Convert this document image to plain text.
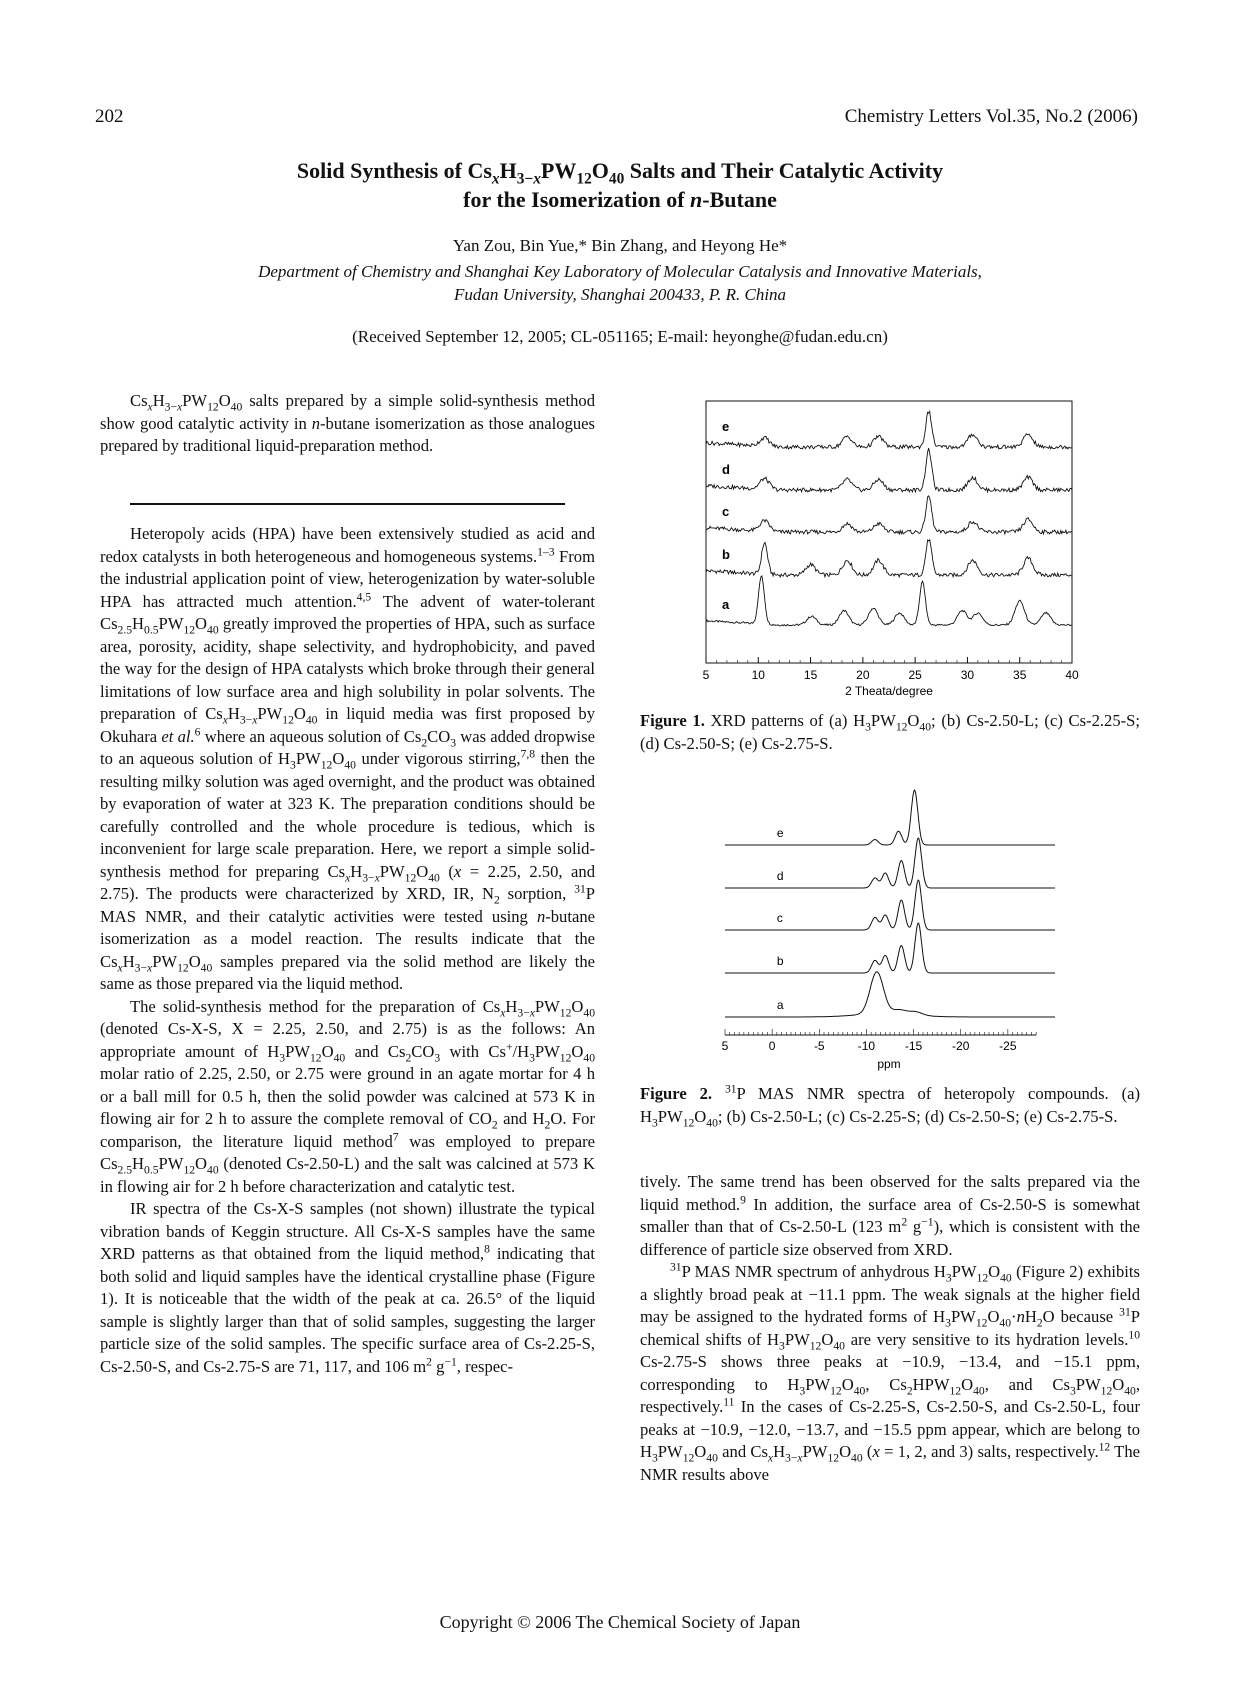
202	Chemistry Letters Vol.35, No.2 (2006)
Solid Synthesis of $Cs_xH_{3-x}PW_{12}O_{40}$ Salts and Their Catalytic Activity
for the Isomerization of n-Butane
Yan Zou, Bin Yue,* Bin Zhang, and Heyong He*
Department of Chemistry and Shanghai Key Laboratory of Molecular Catalysis and Innovative Materials,
Fudan University, Shanghai 200433, P. R. China
(Received September 12, 2005; CL-051165; E-mail: heyonghe@fudan.edu.cn)

$Cs_xH_{3-x}PW_{12}O_{40}$ salts prepared by a simple solid-synthesis method show good catalytic activity in n-butane isomerization as those analogues prepared by traditional liquid-preparation method.

Heteropoly acids (HPA) have been extensively studied as acid and redox catalysts in both heterogeneous and homogeneous systems.$^{1-3}$ From the industrial application point of view, heterogenization by water-soluble HPA has attracted much attention.$^{4,5}$ The advent of water-tolerant $Cs_{2.5}H_{0.5}PW_{12}O_{40}$ greatly improved the properties of HPA, such as surface area, porosity, acidity, shape selectivity, and hydrophobicity, and paved the way for the design of HPA catalysts which broke through their general limitations of low surface area and high solubility in polar solvents. The preparation of $Cs_xH_{3-x}PW_{12}O_{40}$ in liquid media was first proposed by Okuhara et al.$^6$ where an aqueous solution of $Cs_2CO_3$ was added dropwise to an aqueous solution of $H_3PW_{12}O_{40}$ under vigorous stirring,$^{7,8}$ then the resulting milky solution was aged overnight, and the product was obtained by evaporation of water at 323 K. The preparation conditions should be carefully controlled and the whole procedure is tedious, which is inconvenient for large scale preparation. Here, we report a simple solid-synthesis method for preparing $Cs_xH_{3-x}PW_{12}O_{40}$ (x = 2.25, 2.50, and 2.75). The products were characterized by XRD, IR, $N_2$ sorption, $^{31}$P MAS NMR, and their catalytic activities were tested using n-butane isomerization as a model reaction. The results indicate that the $Cs_xH_{3-x}PW_{12}O_{40}$ samples prepared via the solid method are likely the same as those prepared via the liquid method.

The solid-synthesis method for the preparation of $Cs_xH_{3-x}PW_{12}O_{40}$ (denoted Cs-X-S, X = 2.25, 2.50, and 2.75) is as the follows: An appropriate amount of $H_3PW_{12}O_{40}$ and $Cs_2CO_3$ with $Cs^+/H_3PW_{12}O_{40}$ molar ratio of 2.25, 2.50, or 2.75 were ground in an agate mortar for 4 h or a ball mill for 0.5 h, then the solid powder was calcined at 573 K in flowing air for 2 h to assure the complete removal of $CO_2$ and $H_2O$. For comparison, the literature liquid method$^7$ was employed to prepare $Cs_{2.5}H_{0.5}PW_{12}O_{40}$ (denoted Cs-2.50-L) and the salt was calcined at 573 K in flowing air for 2 h before characterization and catalytic test.

IR spectra of the Cs-X-S samples (not shown) illustrate the typical vibration bands of Keggin structure. All Cs-X-S samples have the same XRD patterns as that obtained from the liquid method,$^8$ indicating that both solid and liquid samples have the identical crystalline phase (Figure 1). It is noticeable that the width of the peak at ca. 26.5° of the liquid sample is slightly larger than that of solid samples, suggesting the larger particle size of the solid samples. The specific surface area of Cs-2.25-S, Cs-2.50-S, and Cs-2.75-S are 71, 117, and 106 $m^2$ $g^{-1}$, respec-

a
b
c
d
e
5	10	15	20	25	30	35	40
2 Theata/degree
Figure 1. XRD patterns of (a) $H_3PW_{12}O_{40}$; (b) Cs-2.50-L; (c) Cs-2.25-S; (d) Cs-2.50-S; (e) Cs-2.75-S.
a
b
c
d
e
5	0	-5	-10 -15 -20 -25
ppm
Figure 2. $^{31}$P MAS NMR spectra of heteropoly compounds. (a) $H_3PW_{12}O_{40}$; (b) Cs-2.50-L; (c) Cs-2.25-S; (d) Cs-2.50-S; (e) Cs-2.75-S.

tively. The same trend has been observed for the salts prepared via the liquid method.$^9$ In addition, the surface area of Cs-2.50-S is somewhat smaller than that of Cs-2.50-L (123 $m^2$ $g^{-1}$), which is consistent with the difference of particle size observed from XRD.

$^{31}$P MAS NMR spectrum of anhydrous $H_3PW_{12}O_{40}$ (Figure 2) exhibits a slightly broad peak at −11.1 ppm. The weak signals at the higher field may be assigned to the hydrated forms of $H_3PW_{12}O_{40}\cdot nH_2O$ because $^{31}$P chemical shifts of $H_3PW_{12}O_{40}$ are very sensitive to its hydration levels.$^{10}$ Cs-2.75-S shows three peaks at −10.9, −13.4, and −15.1 ppm, corresponding to $H_3PW_{12}O_{40}$, $Cs_2HPW_{12}O_{40}$, and $Cs_3PW_{12}O_{40}$, respectively.$^{11}$ In the cases of Cs-2.25-S, Cs-2.50-S, and Cs-2.50-L, four peaks at −10.9, −12.0, −13.7, and −15.5 ppm appear, which are belong to $H_3PW_{12}O_{40}$ and $Cs_xH_{3-x}PW_{12}O_{40}$ (x = 1, 2, and 3) salts, respectively.$^{12}$ The NMR results above

Copyright © 2006 The Chemical Society of Japan
